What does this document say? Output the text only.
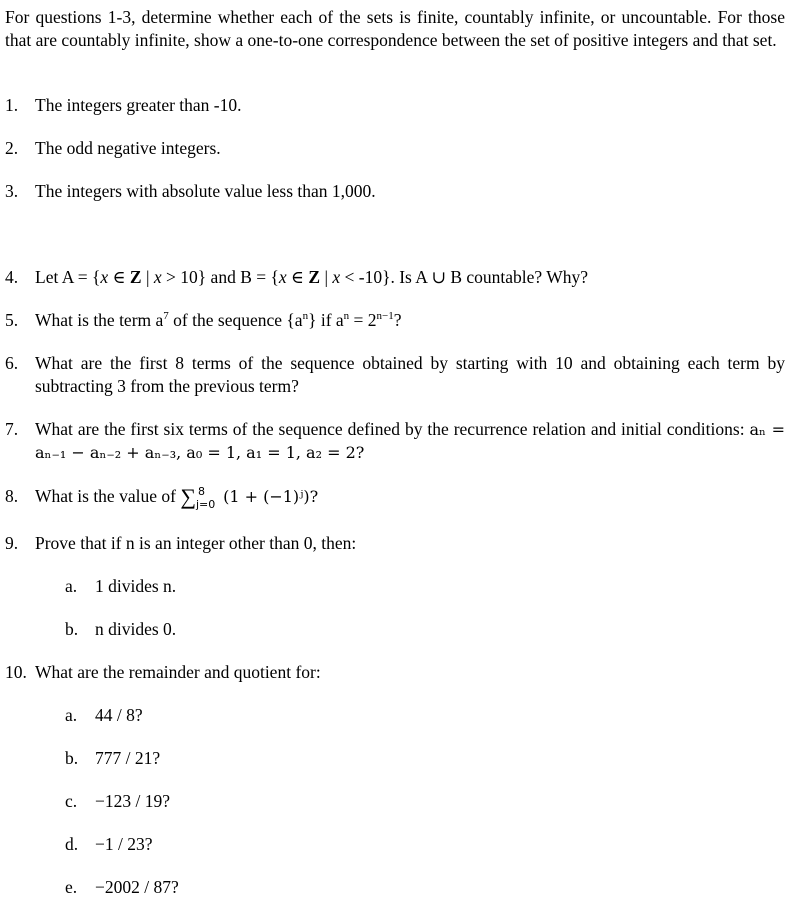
For questions 1-3, determine whether each of the sets is finite, countably infinite, or uncountable. For those that are countably infinite, show a one-to-one correspondence between the set of positive integers and that set.
1. The integers greater than -10.
2. The odd negative integers.
3. The integers with absolute value less than 1,000.
4. Let A = {x ∈ Z | x > 10} and B = {x ∈ Z | x < -10}. Is A ∪ B countable? Why?
5. What is the term $a^7$ of the sequence $\{a^n\}$ if $a^n = 2^{n-1}$?
6. What are the first 8 terms of the sequence obtained by starting with 10 and obtaining each term by subtracting 3 from the previous term?
7. What are the first six terms of the sequence defined by the recurrence relation and initial conditions: aₙ = aₙ₋₁ − aₙ₋₂ + aₙ₋₃, a₀ = 1, a₁ = 1, a₂ = 2?
8. What is the value of ∑ 8
j=0 (1 + (−1)ʲ)?
9. Prove that if n is an integer other than 0, then:
a. 1 divides n.
b. n divides 0.
10. What are the remainder and quotient for:
a. 44 / 8?
b. 777 / 21?
c. −123 / 19?
d. −1 / 23?
e. −2002 / 87?
